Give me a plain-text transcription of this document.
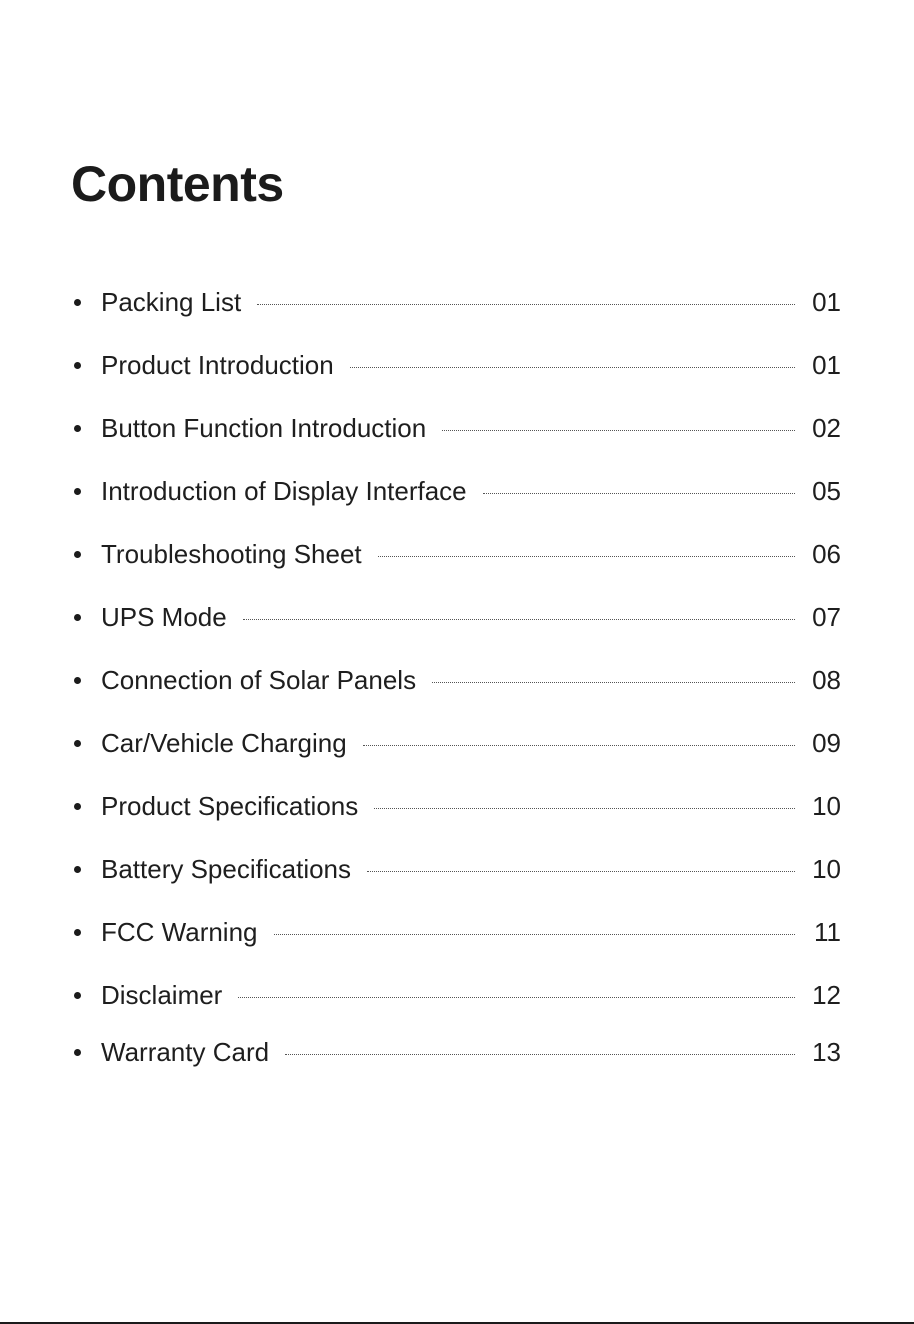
Contents
Packing List	01
Product Introduction	01
Button Function Introduction	02
Introduction of Display Interface	05
Troubleshooting Sheet	06
UPS Mode	07
Connection of Solar Panels	08
Car/Vehicle Charging	09
Product Specifications	10
Battery Specifications	10
FCC Warning	11
Disclaimer	12
Warranty Card	13
